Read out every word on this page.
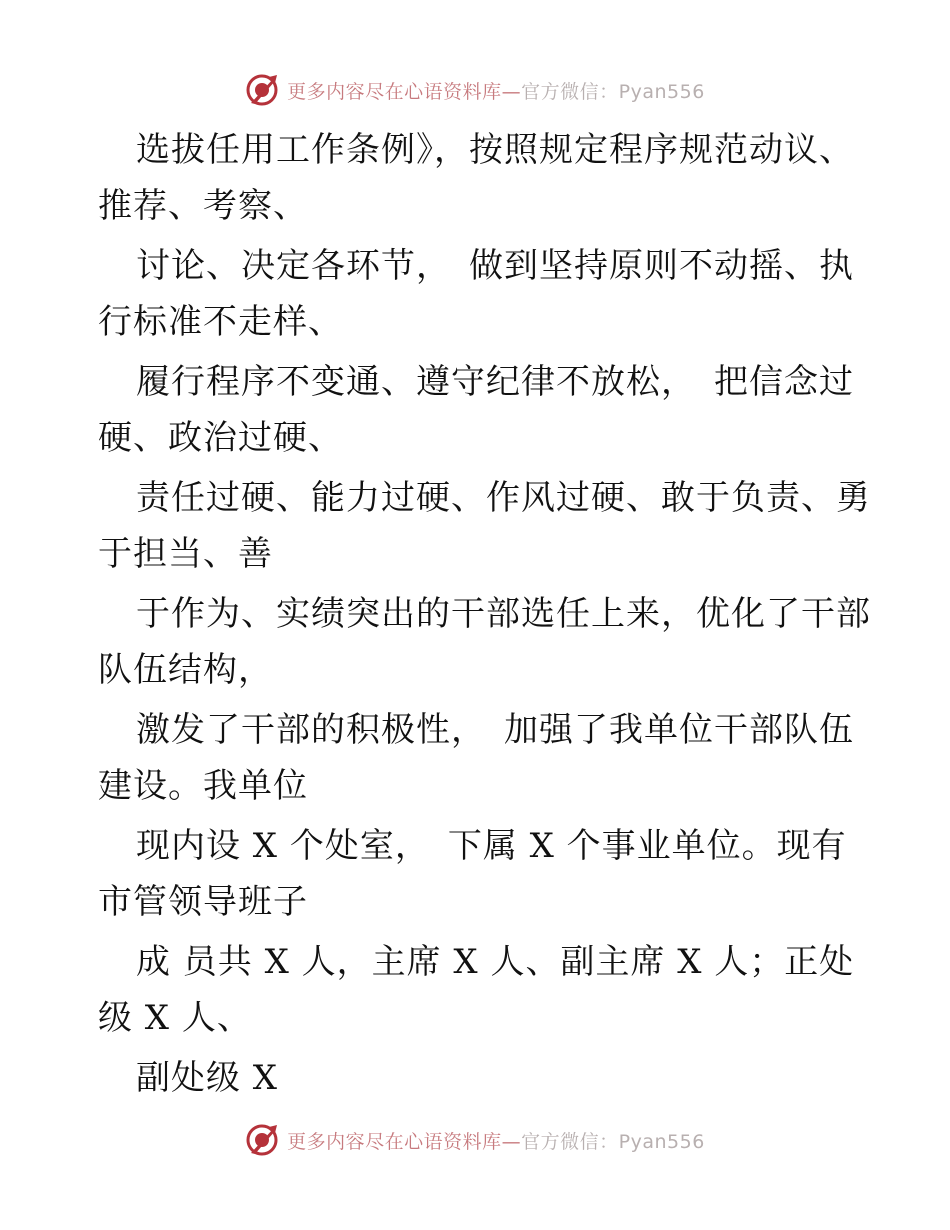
更多内容尽在心语资料库—官方微信：Pyan556
选拔任用工作条例》，按照规定程序规范动议、
推荐、考察、
讨论、决定各环节，　做到坚持原则不动摇、执
行标准不走样、
履行程序不变通、遵守纪律不放松，　把信念过
硬、政治过硬、
责任过硬、能力过硬、作风过硬、敢于负责、勇
于担当、善
于作为、实绩突出的干部选任上来，优化了干部
队伍结构，
激发了干部的积极性，　加强了我单位干部队伍
建设。我单位
现内设 X 个处室，　下属 X 个事业单位。现有
市管领导班子
成 员共 X 人，主席 X 人、副主席 X 人；正处
级 X 人、
副处级 X
更多内容尽在心语资料库—官方微信：Pyan556
